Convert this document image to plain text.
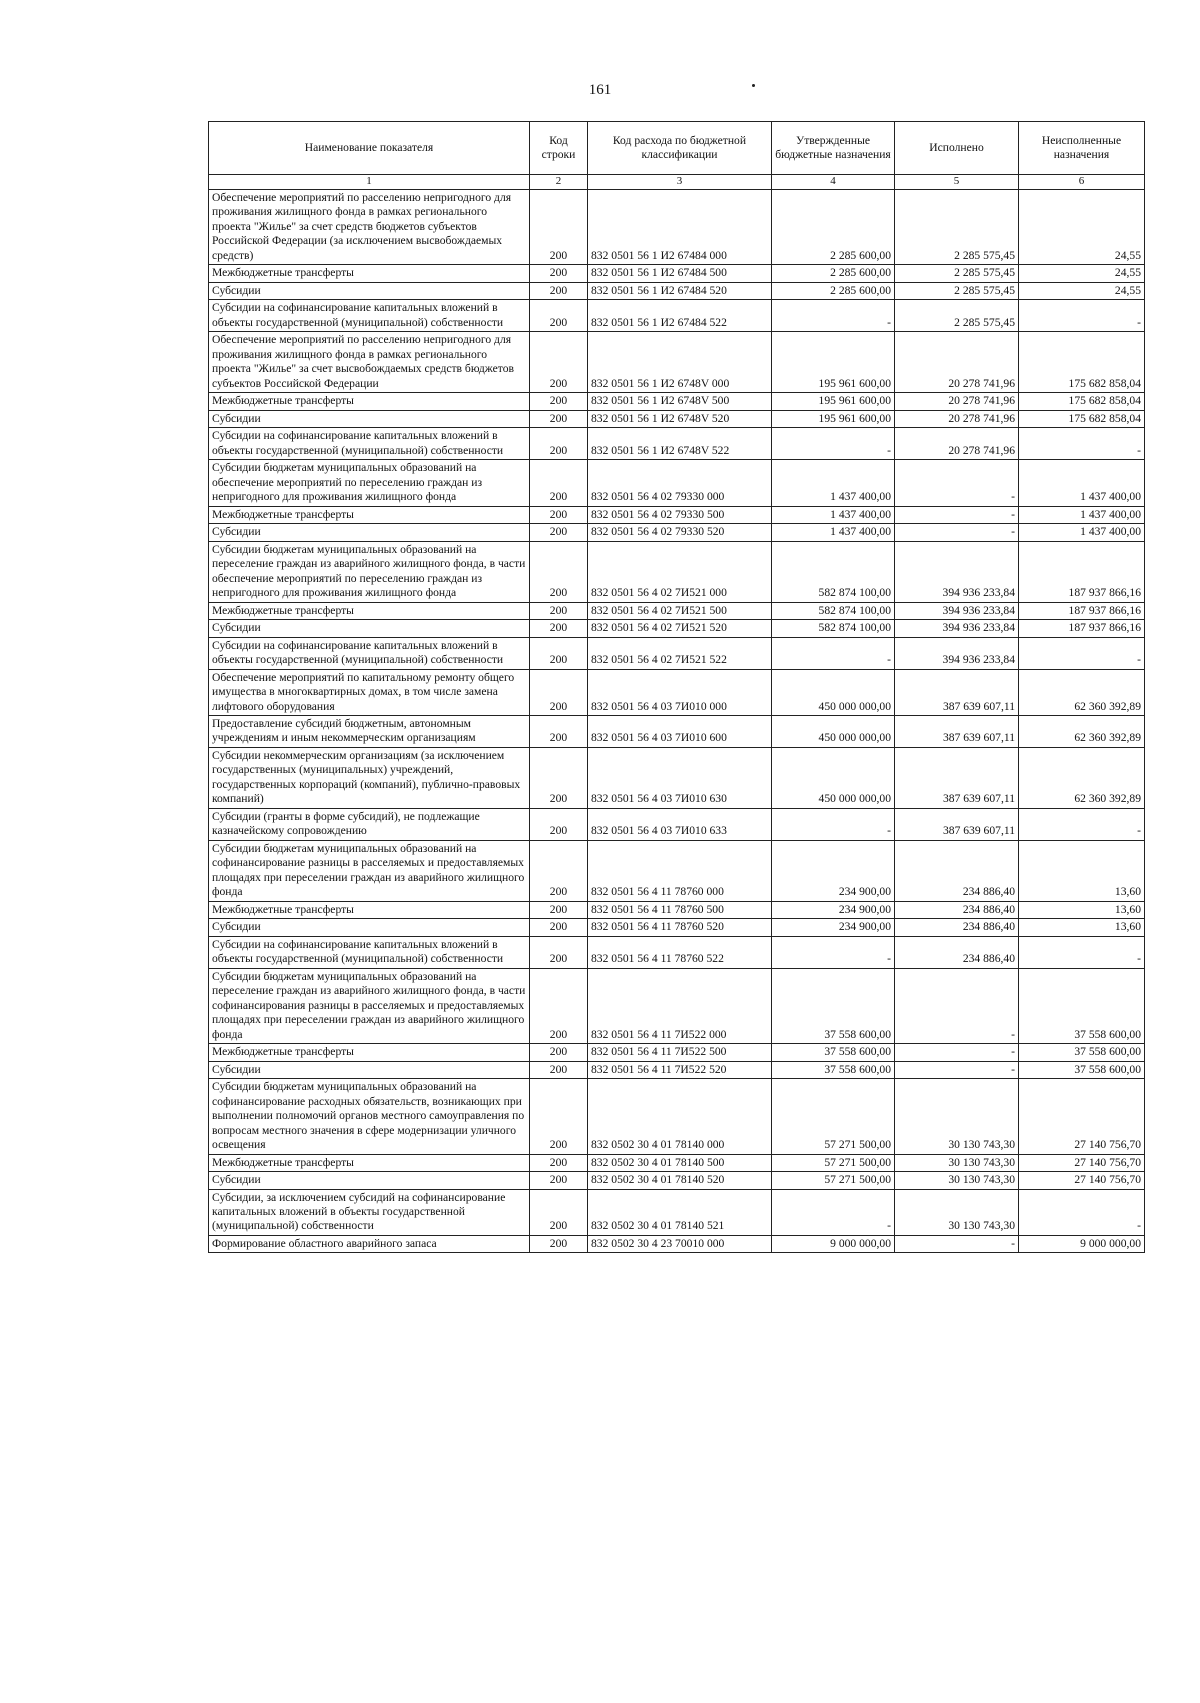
161
Наименование показателя	Код строки	Код расхода по бюджетной классификации	Утвержденные бюджетные назначения	Исполнено	Неисполненные назначения
1	2	3	4	5	6
Обеспечение мероприятий по расселению непригодного для проживания жилищного фонда в рамках регионального проекта "Жилье" за счет средств бюджетов субъектов Российской Федерации (за исключением высвобождаемых средств)	200	832 0501 56 1 И2 67484 000	2 285 600,00	2 285 575,45	24,55
Межбюджетные трансферты	200	832 0501 56 1 И2 67484 500	2 285 600,00	2 285 575,45	24,55
Субсидии	200	832 0501 56 1 И2 67484 520	2 285 600,00	2 285 575,45	24,55
Субсидии на софинансирование капитальных вложений в объекты государственной (муниципальной) собственности	200	832 0501 56 1 И2 67484 522	-	2 285 575,45	-
Обеспечение мероприятий по расселению непригодного для проживания жилищного фонда в рамках регионального проекта "Жилье" за счет высвобождаемых средств бюджетов субъектов Российской Федерации	200	832 0501 56 1 И2 6748V 000	195 961 600,00	20 278 741,96	175 682 858,04
Межбюджетные трансферты	200	832 0501 56 1 И2 6748V 500	195 961 600,00	20 278 741,96	175 682 858,04
Субсидии	200	832 0501 56 1 И2 6748V 520	195 961 600,00	20 278 741,96	175 682 858,04
Субсидии на софинансирование капитальных вложений в объекты государственной (муниципальной) собственности	200	832 0501 56 1 И2 6748V 522	-	20 278 741,96	-
Субсидии бюджетам муниципальных образований на обеспечение мероприятий по переселению граждан из непригодного для проживания жилищного фонда	200	832 0501 56 4 02 79330 000	1 437 400,00	-	1 437 400,00
Межбюджетные трансферты	200	832 0501 56 4 02 79330 500	1 437 400,00	-	1 437 400,00
Субсидии	200	832 0501 56 4 02 79330 520	1 437 400,00	-	1 437 400,00
Субсидии бюджетам муниципальных образований на переселение граждан из аварийного жилищного фонда, в части обеспечение мероприятий по переселению граждан из непригодного для проживания жилищного фонда	200	832 0501 56 4 02 7И521 000	582 874 100,00	394 936 233,84	187 937 866,16
Межбюджетные трансферты	200	832 0501 56 4 02 7И521 500	582 874 100,00	394 936 233,84	187 937 866,16
Субсидии	200	832 0501 56 4 02 7И521 520	582 874 100,00	394 936 233,84	187 937 866,16
Субсидии на софинансирование капитальных вложений в объекты государственной (муниципальной) собственности	200	832 0501 56 4 02 7И521 522	-	394 936 233,84	-
Обеспечение мероприятий по капитальному ремонту общего имущества в многоквартирных домах, в том числе замена лифтового оборудования	200	832 0501 56 4 03 7И010 000	450 000 000,00	387 639 607,11	62 360 392,89
Предоставление субсидий бюджетным, автономным учреждениям и иным некоммерческим организациям	200	832 0501 56 4 03 7И010 600	450 000 000,00	387 639 607,11	62 360 392,89
Субсидии некоммерческим организациям (за исключением государственных (муниципальных) учреждений, государственных корпораций (компаний), публично-правовых компаний)	200	832 0501 56 4 03 7И010 630	450 000 000,00	387 639 607,11	62 360 392,89
Субсидии (гранты в форме субсидий), не подлежащие казначейскому сопровождению	200	832 0501 56 4 03 7И010 633	-	387 639 607,11	-
Субсидии бюджетам муниципальных образований на софинансирование разницы в расселяемых и предоставляемых площадях при переселении граждан из аварийного жилищного фонда	200	832 0501 56 4 11 78760 000	234 900,00	234 886,40	13,60
Межбюджетные трансферты	200	832 0501 56 4 11 78760 500	234 900,00	234 886,40	13,60
Субсидии	200	832 0501 56 4 11 78760 520	234 900,00	234 886,40	13,60
Субсидии на софинансирование капитальных вложений в объекты государственной (муниципальной) собственности	200	832 0501 56 4 11 78760 522	-	234 886,40	-
Субсидии бюджетам муниципальных образований на переселение граждан из аварийного жилищного фонда, в части софинансирования разницы в расселяемых и предоставляемых площадях при переселении граждан из аварийного жилищного фонда	200	832 0501 56 4 11 7И522 000	37 558 600,00	-	37 558 600,00
Межбюджетные трансферты	200	832 0501 56 4 11 7И522 500	37 558 600,00	-	37 558 600,00
Субсидии	200	832 0501 56 4 11 7И522 520	37 558 600,00	-	37 558 600,00
Субсидии бюджетам муниципальных образований на софинансирование расходных обязательств, возникающих при выполнении полномочий органов местного самоуправления по вопросам местного значения в сфере модернизации уличного освещения	200	832 0502 30 4 01 78140 000	57 271 500,00	30 130 743,30	27 140 756,70
Межбюджетные трансферты	200	832 0502 30 4 01 78140 500	57 271 500,00	30 130 743,30	27 140 756,70
Субсидии	200	832 0502 30 4 01 78140 520	57 271 500,00	30 130 743,30	27 140 756,70
Субсидии, за исключением субсидий на софинансирование капитальных вложений в объекты государственной (муниципальной) собственности	200	832 0502 30 4 01 78140 521	-	30 130 743,30	-
Формирование областного аварийного запаса	200	832 0502 30 4 23 70010 000	9 000 000,00	-	9 000 000,00
